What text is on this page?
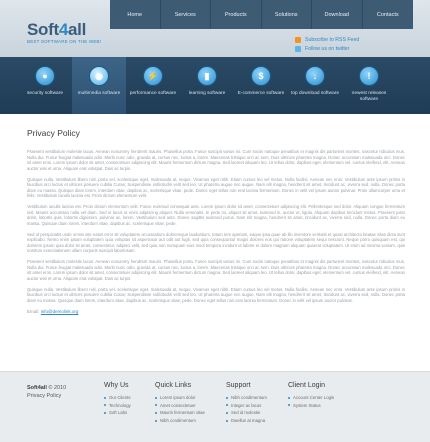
Soft4all
BEST SOFTWARE ON THE WEB!
Home	Services	Products	Solutions	Download	Contacts
Subscribe to RSS Feed
Follow us on twitter
●
security software
◉
multimedia software
⚡
performance software
▮
learning software
$
E-commerce software
↓
top download software
!
newest releases software
Privacy Policy

Praesent vestibulum molestie lacus. Aenean nonummy hendrerit mauris. Phasellus porta. Fusce suscipit varius mi. Cum sociis natoque penatibus et magnis dis parturient montes, nascetur ridiculus mus. Nulla dui. Fusce feugiat malesuada odio. Morbi nunc odio, gravida at, cursus nec, luctus a, lorem. Maecenas tristique orci ac sem. Duis ultricies pharetra magna. Donec accumsan malesuada orci. Donec sit amet eros. Lorem ipsum dolor sit amet, consectetuer adipiscing elit. Mauris fermentum dictum magna. Sed laoreet aliquam leo. Ut tellus dolor, dapibus eget, elementum vel, cursus eleifend, elit. Aenean auctor wisi et urna. Aliquam erat volutpat. Duis ac turpis.

Quisque nulla. Vestibulum libero nisl, porta vel, scelerisque eget, malesuada at, neque. Vivamus eget nibh. Etiam cursus leo vel metus. Nulla facilisi. Aenean nec eros. Vestibulum ante ipsum primis in faucibus orci luctus et ultrices posuere cubilia Curae; Suspendisse sollicitudin velit sed leo. Ut pharetra augue nec augue. Nam elit magna, hendrerit sit amet, tincidunt ac, viverra sed, nulla. Donec porta diam eu massa. Quisque diam lorem, interdum vitae, dapibus ac, scelerisque vitae, pede. Donec eget tellus non erat lacinia fermentum. Donec in velit vel ipsum auctor pulvinar. Proin ullamcorper urna et felis. Vestibulum iaculis lacinia est. Proin dictum elementum velit.

Vestibulum iaculis lacinia est. Proin dictum elementum velit. Fusce euismod consequat ante. Lorem ipsum dolor sit amet, consectetuer adipiscing elit. Pellentesque sed dolor. Aliquam congue fermentum nisl. Mauris accumsan nulla vel diam. Sed in lacus ut enim adipiscing aliquet. Nulla venenatis. In pede mi, aliquet sit amet, euismod in, auctor ut, ligula. Aliquam dapibus tincidunt metus. Praesent justo dolor, lobortis quis, lobortis dignissim, pulvinar ac, lorem. Vestibulum sed ante. Donec sagittis euismod purus. Nam elit magna, hendrerit sit amet, tincidunt ac, viverra sed, nulla. Donec porta diam eu massa. Quisque diam lorem, interdum vitae, dapibus ac, scelerisque vitae, pede.

Sed ut perspiciatis unde omnis iste natus error sit voluptatem accusantium doloremque laudantium, totam rem aperiam, eaque ipsa quae ab illo inventore veritatis et quasi architecto beatae vitae dicta sunt explicabo. Nemo enim ipsam voluptatem quia voluptas sit aspernatur aut odit aut fugit, sed quia consequuntur magni dolores eos qui ratione voluptatem sequi nesciunt. Neque porro quisquam est, qui dolorem ipsum quia dolor sit amet, consectetur, adipisci velit, sed quia non numquam eius modi tempora incidunt ut labore et dolore magnam aliquam quaerat voluptatem. Ut enim ad minima veniam, quis nostrum exercitationem ullam corporis suscipit laboriosam.

Praesent vestibulum molestie lacus. Aenean nonummy hendrerit mauris. Phasellus porta. Fusce suscipit varius mi. Cum sociis natoque penatibus et magnis dis parturient montes, nascetur ridiculus mus. Nulla dui. Fusce feugiat malesuada odio. Morbi nunc odio, gravida at, cursus nec, luctus a, lorem. Maecenas tristique orci ac sem. Duis ultricies pharetra magna. Donec accumsan malesuada orci. Donec sit amet eros. Lorem ipsum dolor sit amet, consectetuer adipiscing elit. Mauris fermentum dictum magna. Sed laoreet aliquam leo. Ut tellus dolor, dapibus eget, elementum vel, cursus eleifend, elit. Aenean auctor wisi et urna. Aliquam erat volutpat. Duis ac turpis.

Quisque nulla. Vestibulum libero nisl, porta vel, scelerisque eget, malesuada at, neque. Vivamus eget nibh. Etiam cursus leo vel metus. Nulla facilisi. Aenean nec eros. Vestibulum ante ipsum primis in faucibus orci luctus et ultrices posuere cubilia Curae; Suspendisse sollicitudin velit sed leo. Ut pharetra augue nec augue. Nam elit magna, hendrerit sit amet, tincidunt ac, viverra sed, nulla. Donec porta diam eu massa. Quisque diam lorem, interdum vitae, dapibus ac, scelerisque vitae, pede. Donec eget tellus non erat lacinia fermentum. Donec in velit vel ipsum auctor pulvinar.

Email: info@demolink.org
Soft4all © 2010
Privacy Policy
Why Us
Our Clients
Technology
Soft Labs
Quick Links
Lorem ipsum dolor
Amet consectetuer
Mauris fermentum vitae
Nibh condimentum
Support
Nibh condimentum
Integer ac lacus
Sed id molestie
Dwellus at magna
Client Login
Account Center Login
System Status
